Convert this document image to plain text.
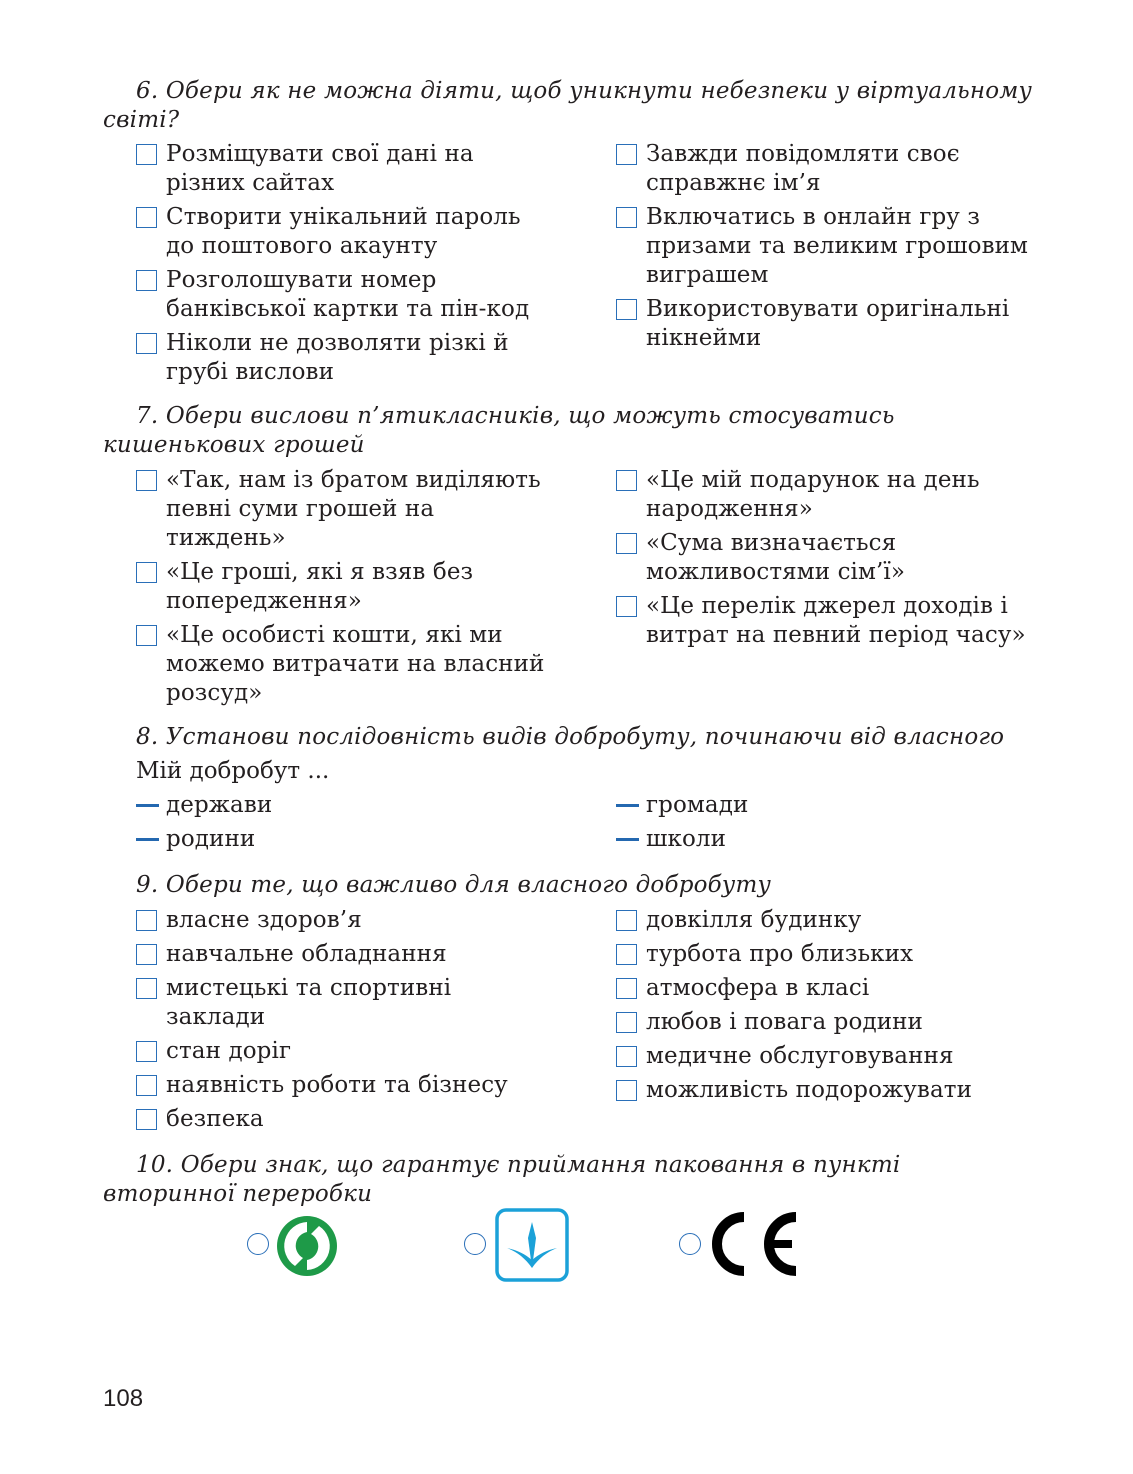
6. Обери як не можна діяти, щоб уникнути небезпеки у віртуальному світі?
Розміщувати свої дані на
різних сайтах
Створити унікальний пароль
до поштового акаунту
Розголошувати номер
банківської картки та пін-код
Ніколи не дозволяти різкі й
грубі вислови
Завжди повідомляти своє
справжнє ім’я
Включатись в онлайн гру з
призами та великим грошовим
виграшем
Використовувати оригінальні
нікнейми
7. Обери вислови п’ятикласників, що можуть стосуватись кишенькових грошей
«Так, нам із братом виділяють
певні суми грошей на
тиждень»
«Це гроші, які я взяв без
попередження»
«Це особисті кошти, які ми
можемо витрачати на власний
розсуд»
«Це мій подарунок на день
народження»
«Сума визначається
можливостями сім’ї»
«Це перелік джерел доходів і
витрат на певний період часу»
8. Установи послідовність видів добробуту, починаючи від власного
Мій добробут ...
держави
родини
громади
школи
9. Обери те, що важливо для власного добробуту
власне здоров’я
навчальне обладнання
мистецькі та спортивні
заклади
стан доріг
наявність роботи та бізнесу
безпека
довкілля будинку
турбота про близьких
атмосфера в класі
любов і повага родини
медичне обслуговування
можливість подорожувати
10. Обери знак, що гарантує приймання паковання в пункті вторинної переробки
108
